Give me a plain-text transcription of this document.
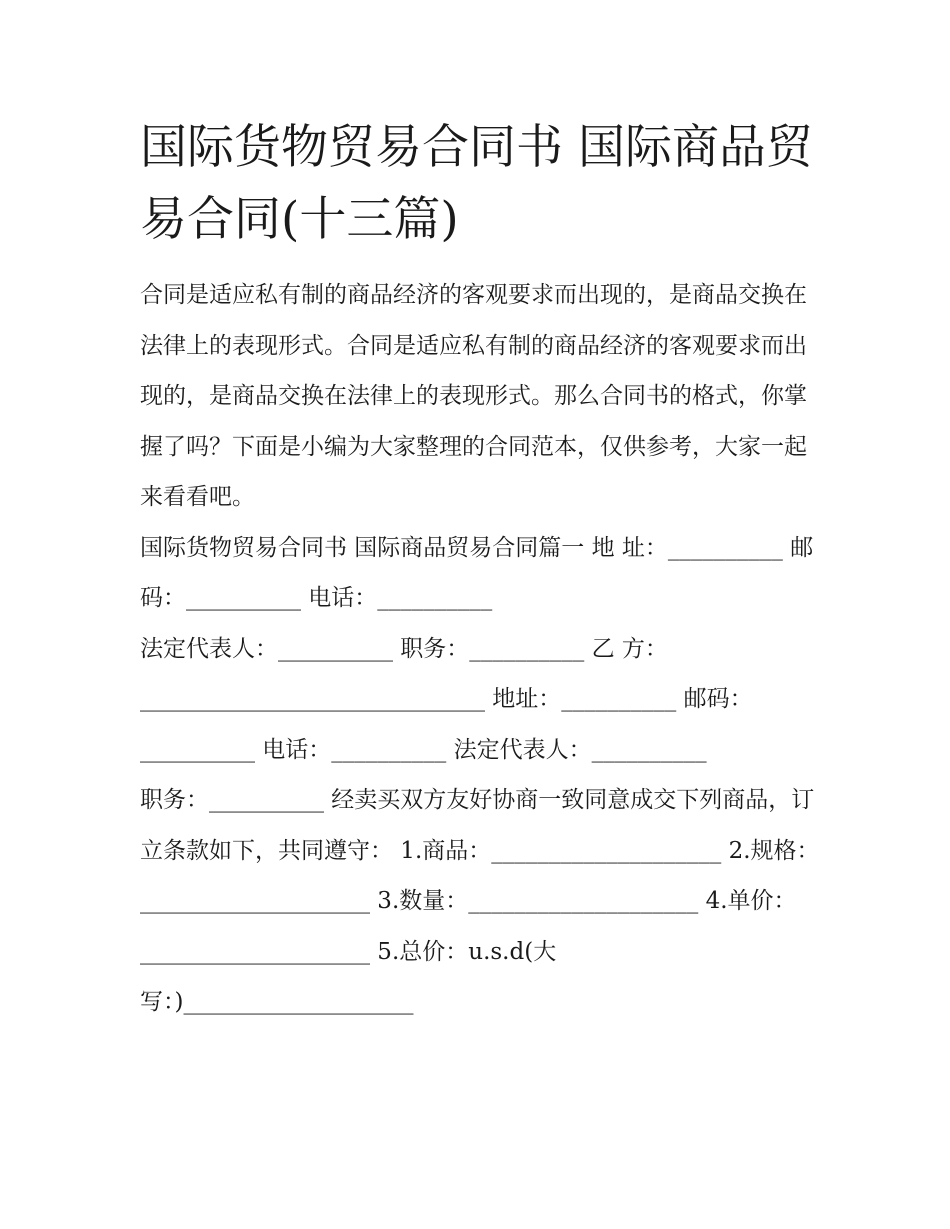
国际货物贸易合同书 国际商品贸易合同(十三篇)

合同是适应私有制的商品经济的客观要求而出现的，是商品交换在法律上的表现形式。合同是适应私有制的商品经济的客观要求而出现的，是商品交换在法律上的表现形式。那么合同书的格式，你掌握了吗？下面是小编为大家整理的合同范本，仅供参考，大家一起来看看吧。

国际货物贸易合同书 国际商品贸易合同篇一 地 址：__________ 邮码：__________ 电话：__________

法定代表人：__________ 职务：__________ 乙 方：______________________________ 地址：__________ 邮码：__________ 电话：__________ 法定代表人：__________

职务：__________ 经卖买双方友好协商一致同意成交下列商品，订立条款如下，共同遵守： 1.商品：____________________ 2.规格：____________________ 3.数量：____________________ 4.单价：____________________ 5.总价：u.s.d(大写：)____________________
